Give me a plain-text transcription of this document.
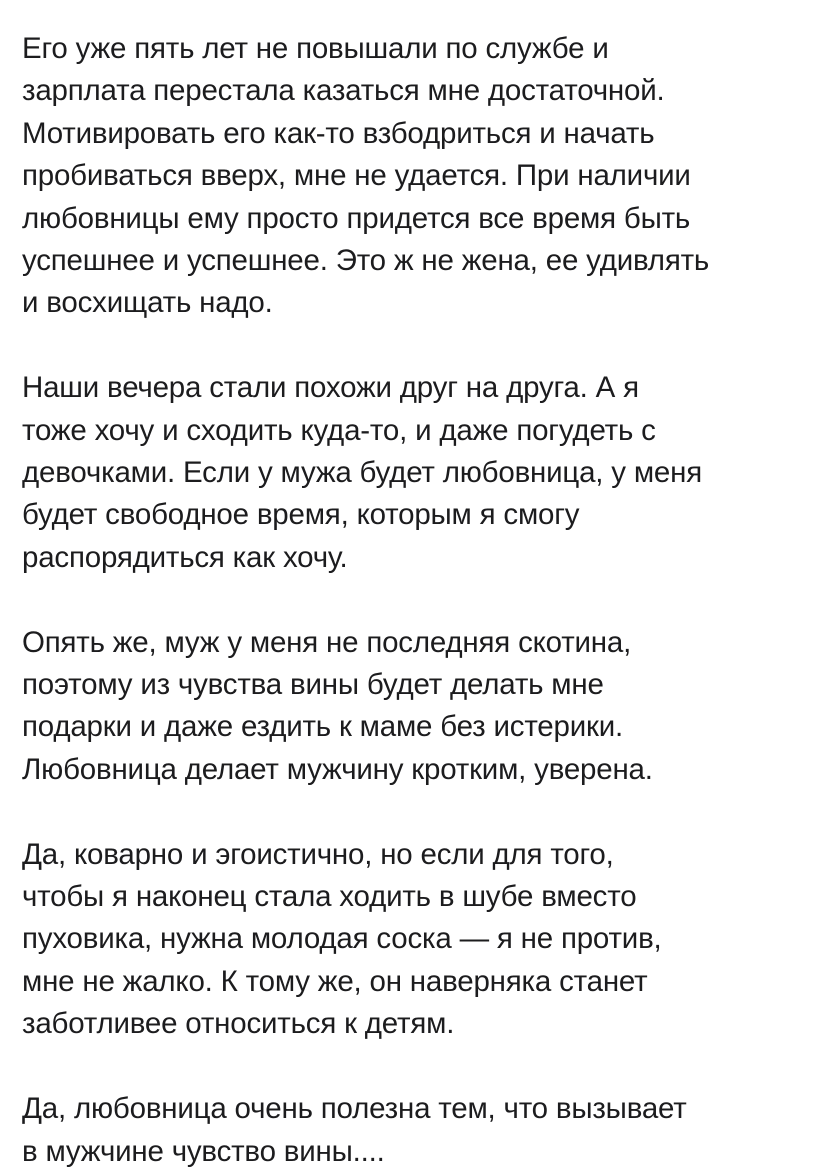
Его уже пять лет не повышали по службе и
зарплата перестала казаться мне достаточной.
Мотивировать его как-то взбодриться и начать
пробиваться вверх, мне не удается. При наличии
любовницы ему просто придется все время быть
успешнее и успешнее. Это ж не жена, ее удивлять
и восхищать надо.
Наши вечера стали похожи друг на друга. А я
тоже хочу и сходить куда-то, и даже погудеть с
девочками. Если у мужа будет любовница, у меня
будет свободное время, которым я смогу
распорядиться как хочу.
Опять же, муж у меня не последняя скотина,
поэтому из чувства вины будет делать мне
подарки и даже ездить к маме без истерики.
Любовница делает мужчину кротким, уверена.
Да, коварно и эгоистично, но если для того,
чтобы я наконец стала ходить в шубе вместо
пуховика, нужна молодая соска — я не против,
мне не жалко. К тому же, он наверняка станет
заботливее относиться к детям.
Да, любовница очень полезна тем, что вызывает
в мужчине чувство вины....
